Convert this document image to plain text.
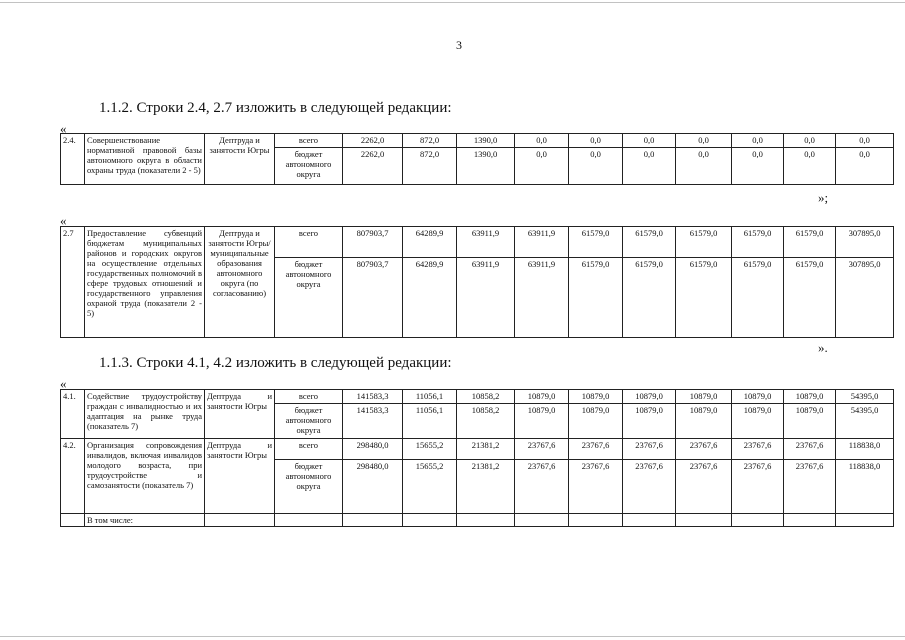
3
1.1.2. Строки 2.4, 2.7 изложить в следующей редакции:
«
2.4.	Совершенствование нормативной правовой базы автономного округа в области охраны труда (показатели 2 - 5)	Дептруда и занятости Югры	всего	2262,0	872,0	1390,0	0,0	0,0	0,0	0,0	0,0	0,0	0,0

			бюджет
автономного
округа	2262,0	872,0	1390,0	0,0	0,0	0,0	0,0	0,0	0,0	0,0
»;
«
2.7	Предоставление субвенций бюджетам муниципальных районов и городских округов на осуществление отдельных государственных полномочий в сфере трудовых отношений и государственного управления охраной труда (показатели 2 - 5)	Дептруда и занятости Югры/ муниципальные образования автономного округа (по согласованию)	всего	807903,7	64289,9	63911,9	63911,9	61579,0	61579,0	61579,0	61579,0	61579,0	307895,0

			бюджет
автономного
округа	807903,7	64289,9	63911,9	63911,9	61579,0	61579,0	61579,0	61579,0	61579,0	307895,0
».
1.1.3. Строки 4.1, 4.2 изложить в следующей редакции:
«
4.1.	Содействие трудоустройству граждан с инвалидностью и их адаптация на рынке труда (показатель 7)	Дептруда и занятости Югры	всего	141583,3	11056,1	10858,2	10879,0	10879,0	10879,0	10879,0	10879,0	10879,0	54395,0

			бюджет
автономного
округа	141583,3	11056,1	10858,2	10879,0	10879,0	10879,0	10879,0	10879,0	10879,0	54395,0
4.2.	Организация сопровождения инвалидов, включая инвалидов молодого возраста, при трудоустройстве и самозанятости (показатель 7)	Дептруда и занятости Югры	всего	298480,0	15655,2	21381,2	23767,6	23767,6	23767,6	23767,6	23767,6	23767,6	118838,0

			бюджет
автономного
округа	298480,0	15655,2	21381,2	23767,6	23767,6	23767,6	23767,6	23767,6	23767,6	118838,0
	В том числе:												
